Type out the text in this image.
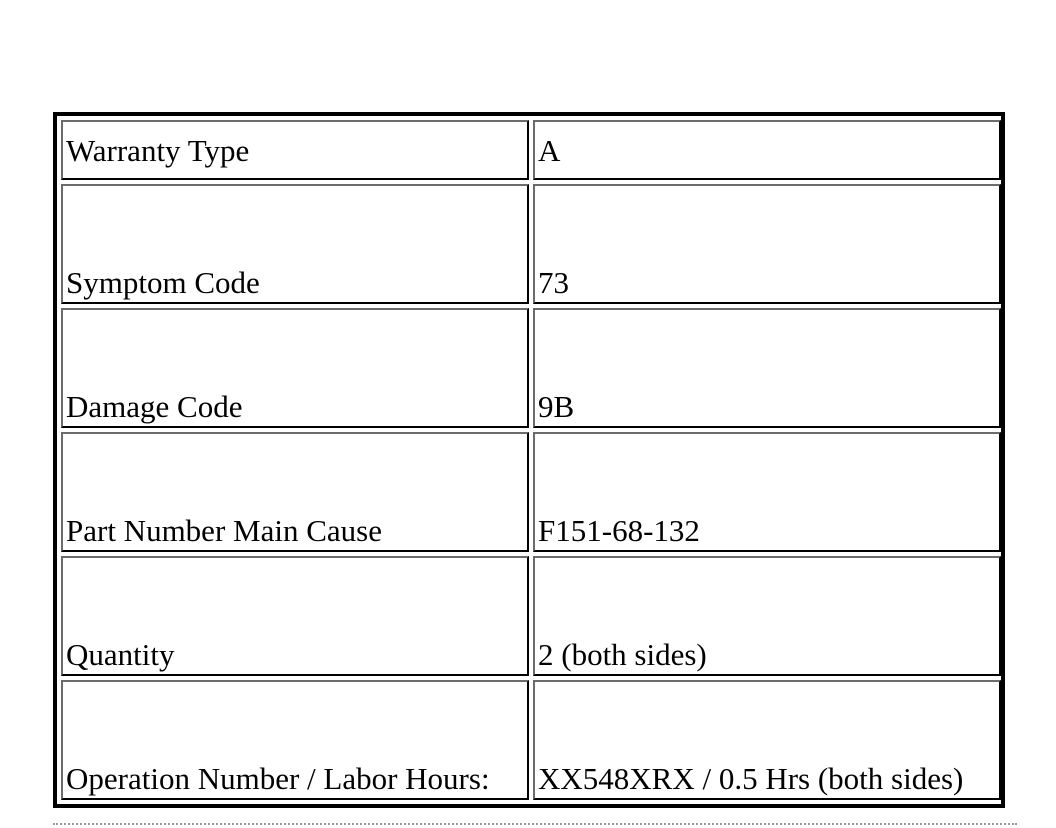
Warranty Type	A
Symptom Code	73
Damage Code	9B
Part Number Main Cause	F151-68-132
Quantity	2 (both sides)
Operation Number / Labor Hours:	XX548XRX / 0.5 Hrs (both sides)
